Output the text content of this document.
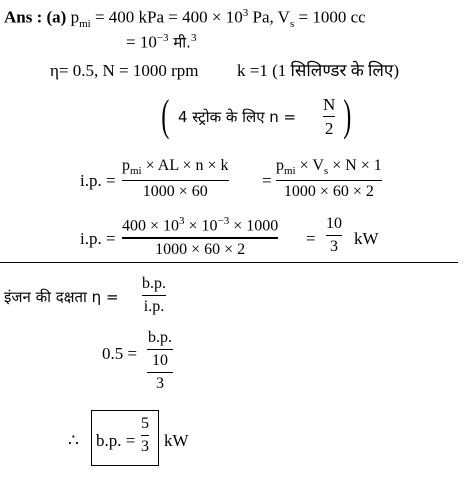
Ans : (a) $p_{mi} = 400$ kPa = $400 \times 10^3$ Pa, $V_s = 1000$ cc
= $10^{-3}$ मी.$^3$
η= 0.5, N = 1000 rpm k =1 (1 सिलिण्डर के लिए)
( 4 स्ट्रोक के लिए n =
N
2 )
i.p. =
$p_{mi}$ × AL × n × k
1000 × 60
=
$p_{mi} \times V_s \times N \times 1$
1000 × 60 × 2
i.p. =
$400 \times 10^3 \times 10^{-3} \times 1000$
1000 × 60 × 2
=
10
3 kW
इंजन की दक्षता η =
b.p.
i.p.
0.5 =
b.p.
10
3
∴ b.p. =
5
3 kW
